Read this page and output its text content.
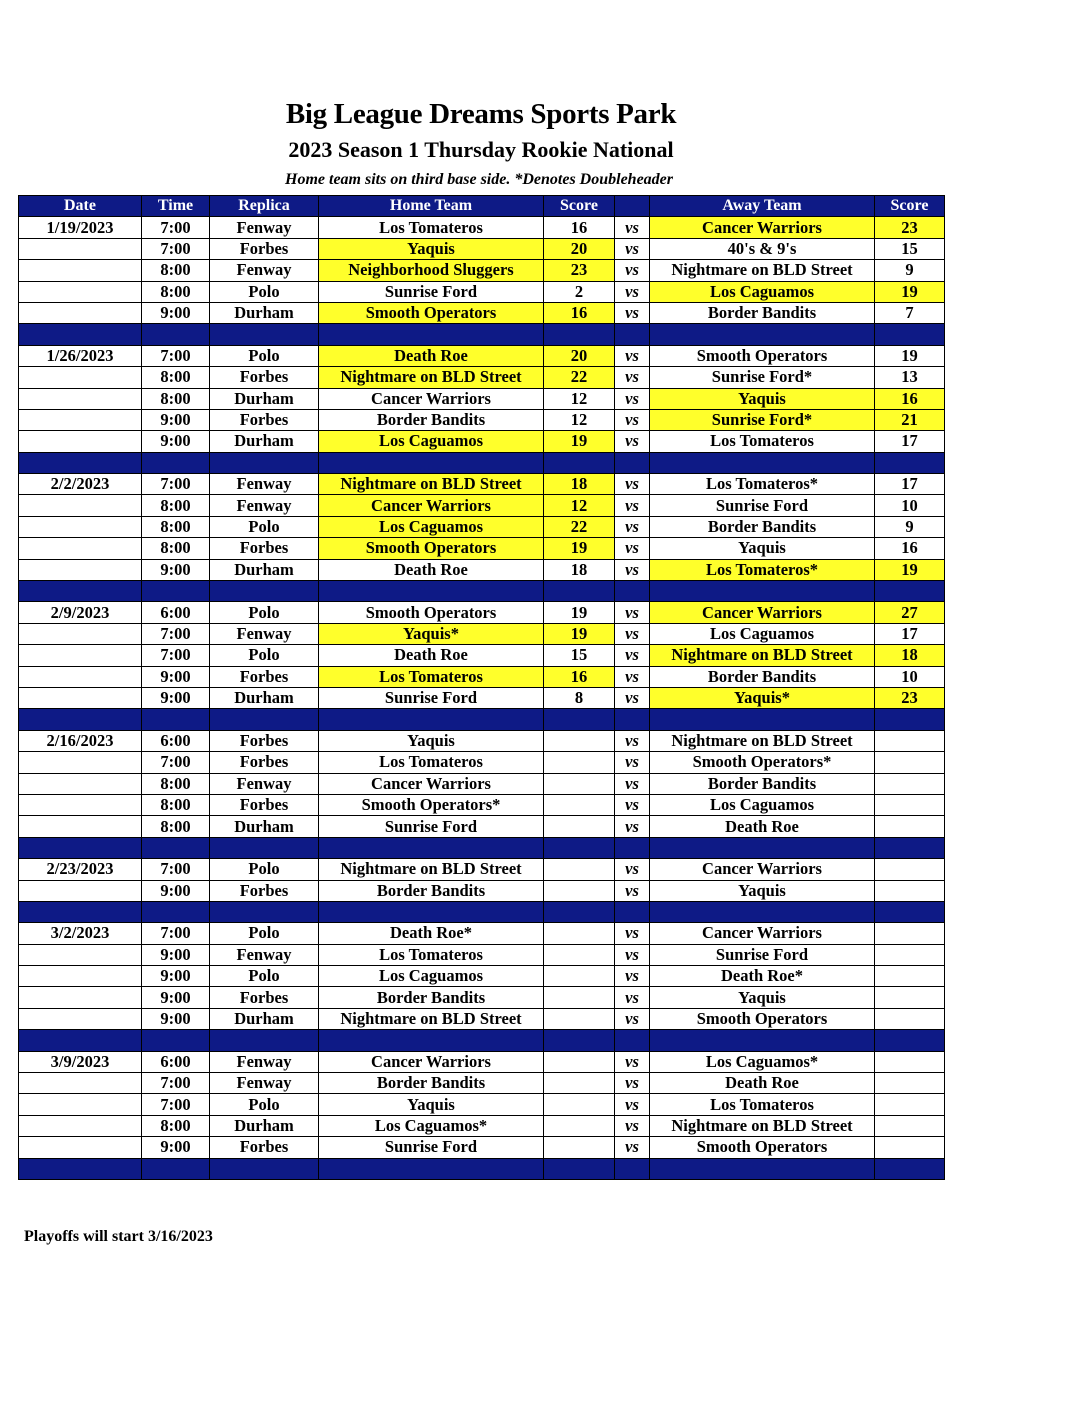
Big League Dreams Sports Park
2023 Season 1 Thursday Rookie National
Home team sits on third base side. *Denotes Doubleheader
Date	Time	Replica	Home Team	Score		Away Team	Score
1/19/2023	7:00	Fenway	Los Tomateros	16	vs	Cancer Warriors	23
	7:00	Forbes	Yaquis	20	vs	40's & 9's	15
	8:00	Fenway	Neighborhood Sluggers	23	vs	Nightmare on BLD Street	9
	8:00	Polo	Sunrise Ford	2	vs	Los Caguamos	19
	9:00	Durham	Smooth Operators	16	vs	Border Bandits	7

1/26/2023	7:00	Polo	Death Roe	20	vs	Smooth Operators	19
	8:00	Forbes	Nightmare on BLD Street	22	vs	Sunrise Ford*	13
	8:00	Durham	Cancer Warriors	12	vs	Yaquis	16
	9:00	Forbes	Border Bandits	12	vs	Sunrise Ford*	21
	9:00	Durham	Los Caguamos	19	vs	Los Tomateros	17

2/2/2023	7:00	Fenway	Nightmare on BLD Street	18	vs	Los Tomateros*	17
	8:00	Fenway	Cancer Warriors	12	vs	Sunrise Ford	10
	8:00	Polo	Los Caguamos	22	vs	Border Bandits	9
	8:00	Forbes	Smooth Operators	19	vs	Yaquis	16
	9:00	Durham	Death Roe	18	vs	Los Tomateros*	19

2/9/2023	6:00	Polo	Smooth Operators	19	vs	Cancer Warriors	27
	7:00	Fenway	Yaquis*	19	vs	Los Caguamos	17
	7:00	Polo	Death Roe	15	vs	Nightmare on BLD Street	18
	9:00	Forbes	Los Tomateros	16	vs	Border Bandits	10
	9:00	Durham	Sunrise Ford	8	vs	Yaquis*	23

2/16/2023	6:00	Forbes	Yaquis		vs	Nightmare on BLD Street	
	7:00	Forbes	Los Tomateros		vs	Smooth Operators*	
	8:00	Fenway	Cancer Warriors		vs	Border Bandits	
	8:00	Forbes	Smooth Operators*		vs	Los Caguamos	
	8:00	Durham	Sunrise Ford		vs	Death Roe	

2/23/2023	7:00	Polo	Nightmare on BLD Street		vs	Cancer Warriors	
	9:00	Forbes	Border Bandits		vs	Yaquis	

3/2/2023	7:00	Polo	Death Roe*		vs	Cancer Warriors	
	9:00	Fenway	Los Tomateros		vs	Sunrise Ford	
	9:00	Polo	Los Caguamos		vs	Death Roe*	
	9:00	Forbes	Border Bandits		vs	Yaquis	
	9:00	Durham	Nightmare on BLD Street		vs	Smooth Operators	

3/9/2023	6:00	Fenway	Cancer Warriors		vs	Los Caguamos*	
	7:00	Fenway	Border Bandits		vs	Death Roe	
	7:00	Polo	Yaquis		vs	Los Tomateros	
	8:00	Durham	Los Caguamos*		vs	Nightmare on BLD Street	
	9:00	Forbes	Sunrise Ford		vs	Smooth Operators	

Playoffs will start 3/16/2023
